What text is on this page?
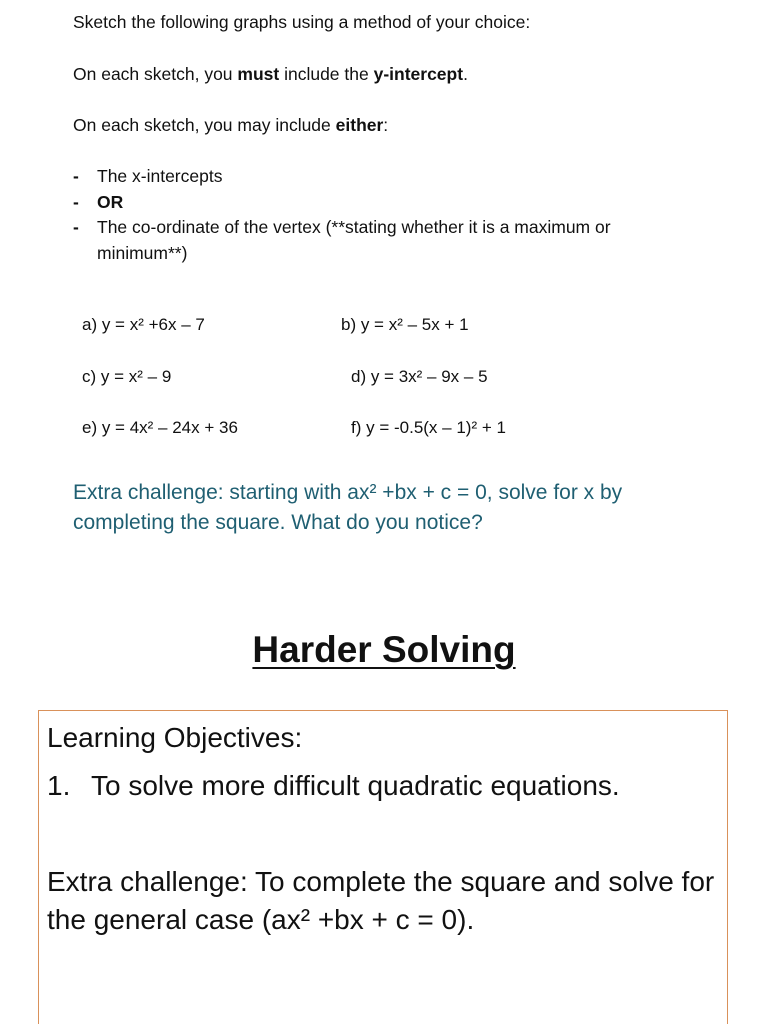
Sketch the following graphs using a method of your choice:

On each sketch, you must include the y-intercept.

On each sketch, you may include either:

- The x-intercepts
- OR
- The co-ordinate of the vertex (**stating whether it is a maximum or minimum**)

a) y = x² +6x – 7	b) y = x² – 5x + 1

c) y = x² – 9	d) y = 3x² – 9x – 5

e) y = 4x² – 24x + 36	f) y = -0.5(x – 1)² + 1

Extra challenge: starting with ax² +bx + c = 0, solve for x by completing the square. What do you notice?

Harder Solving

Learning Objectives:

1. To solve more difficult quadratic equations.

Extra challenge: To complete the square and solve for the general case (ax² +bx + c = 0).
